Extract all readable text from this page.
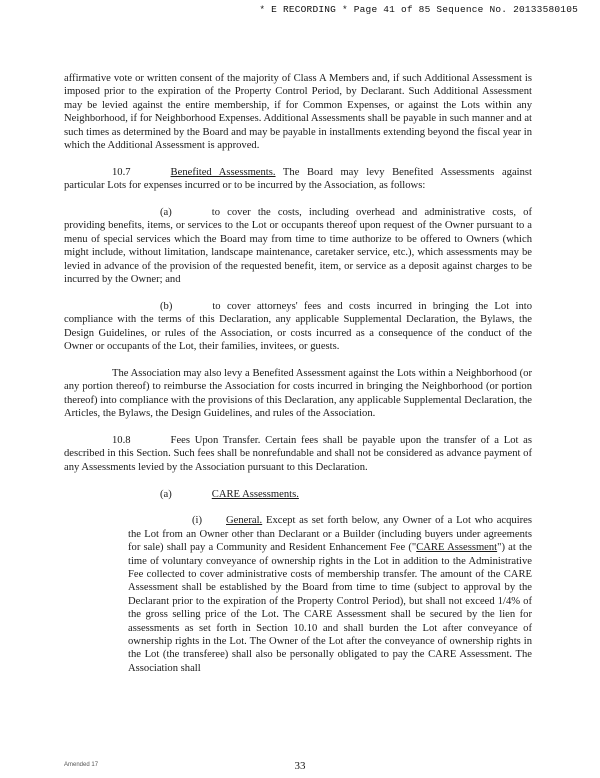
* E RECORDING * Page 41 of 85 Sequence No. 20133580105

affirmative vote or written consent of the majority of Class A Members and, if such Additional Assessment is imposed prior to the expiration of the Property Control Period, by Declarant. Such Additional Assessment may be levied against the entire membership, if for Common Expenses, or against the Lots within any Neighborhood, if for Neighborhood Expenses. Additional Assessments shall be payable in such manner and at such times as determined by the Board and may be payable in installments extending beyond the fiscal year in which the Additional Assessment is approved.

10.7	Benefited Assessments. The Board may levy Benefited Assessments against particular Lots for expenses incurred or to be incurred by the Association, as follows:

(a)	to cover the costs, including overhead and administrative costs, of providing benefits, items, or services to the Lot or occupants thereof upon request of the Owner pursuant to a menu of special services which the Board may from time to time authorize to be offered to Owners (which might include, without limitation, landscape maintenance, caretaker service, etc.), which assessments may be levied in advance of the provision of the requested benefit, item, or service as a deposit against charges to be incurred by the Owner; and

(b)	to cover attorneys' fees and costs incurred in bringing the Lot into compliance with the terms of this Declaration, any applicable Supplemental Declaration, the Bylaws, the Design Guidelines, or rules of the Association, or costs incurred as a consequence of the conduct of the Owner or occupants of the Lot, their families, invitees, or guests.

The Association may also levy a Benefited Assessment against the Lots within a Neighborhood (or any portion thereof) to reimburse the Association for costs incurred in bringing the Neighborhood (or portion thereof) into compliance with the provisions of this Declaration, any applicable Supplemental Declaration, the Articles, the Bylaws, the Design Guidelines, and rules of the Association.

10.8	Fees Upon Transfer. Certain fees shall be payable upon the transfer of a Lot as described in this Section. Such fees shall be nonrefundable and shall not be considered as advance payment of any Assessments levied by the Association pursuant to this Declaration.

(a)	CARE Assessments.

(i) General. Except as set forth below, any Owner of a Lot who acquires the Lot from an Owner other than Declarant or a Builder (including buyers under agreements for sale) shall pay a Community and Resident Enhancement Fee ("CARE Assessment") at the time of voluntary conveyance of ownership rights in the Lot in addition to the Administrative Fee collected to cover administrative costs of membership transfer. The amount of the CARE Assessment shall be established by the Board from time to time (subject to approval by the Declarant prior to the expiration of the Property Control Period), but shall not exceed 1/4% of the gross selling price of the Lot. The CARE Assessment shall be secured by the lien for assessments as set forth in Section 10.10 and shall burden the Lot after conveyance of ownership rights in the Lot. The Owner of the Lot after the conveyance of ownership rights in the Lot (the transferee) shall also be personally obligated to pay the CARE Assessment. The Association shall

Amended 17	33
